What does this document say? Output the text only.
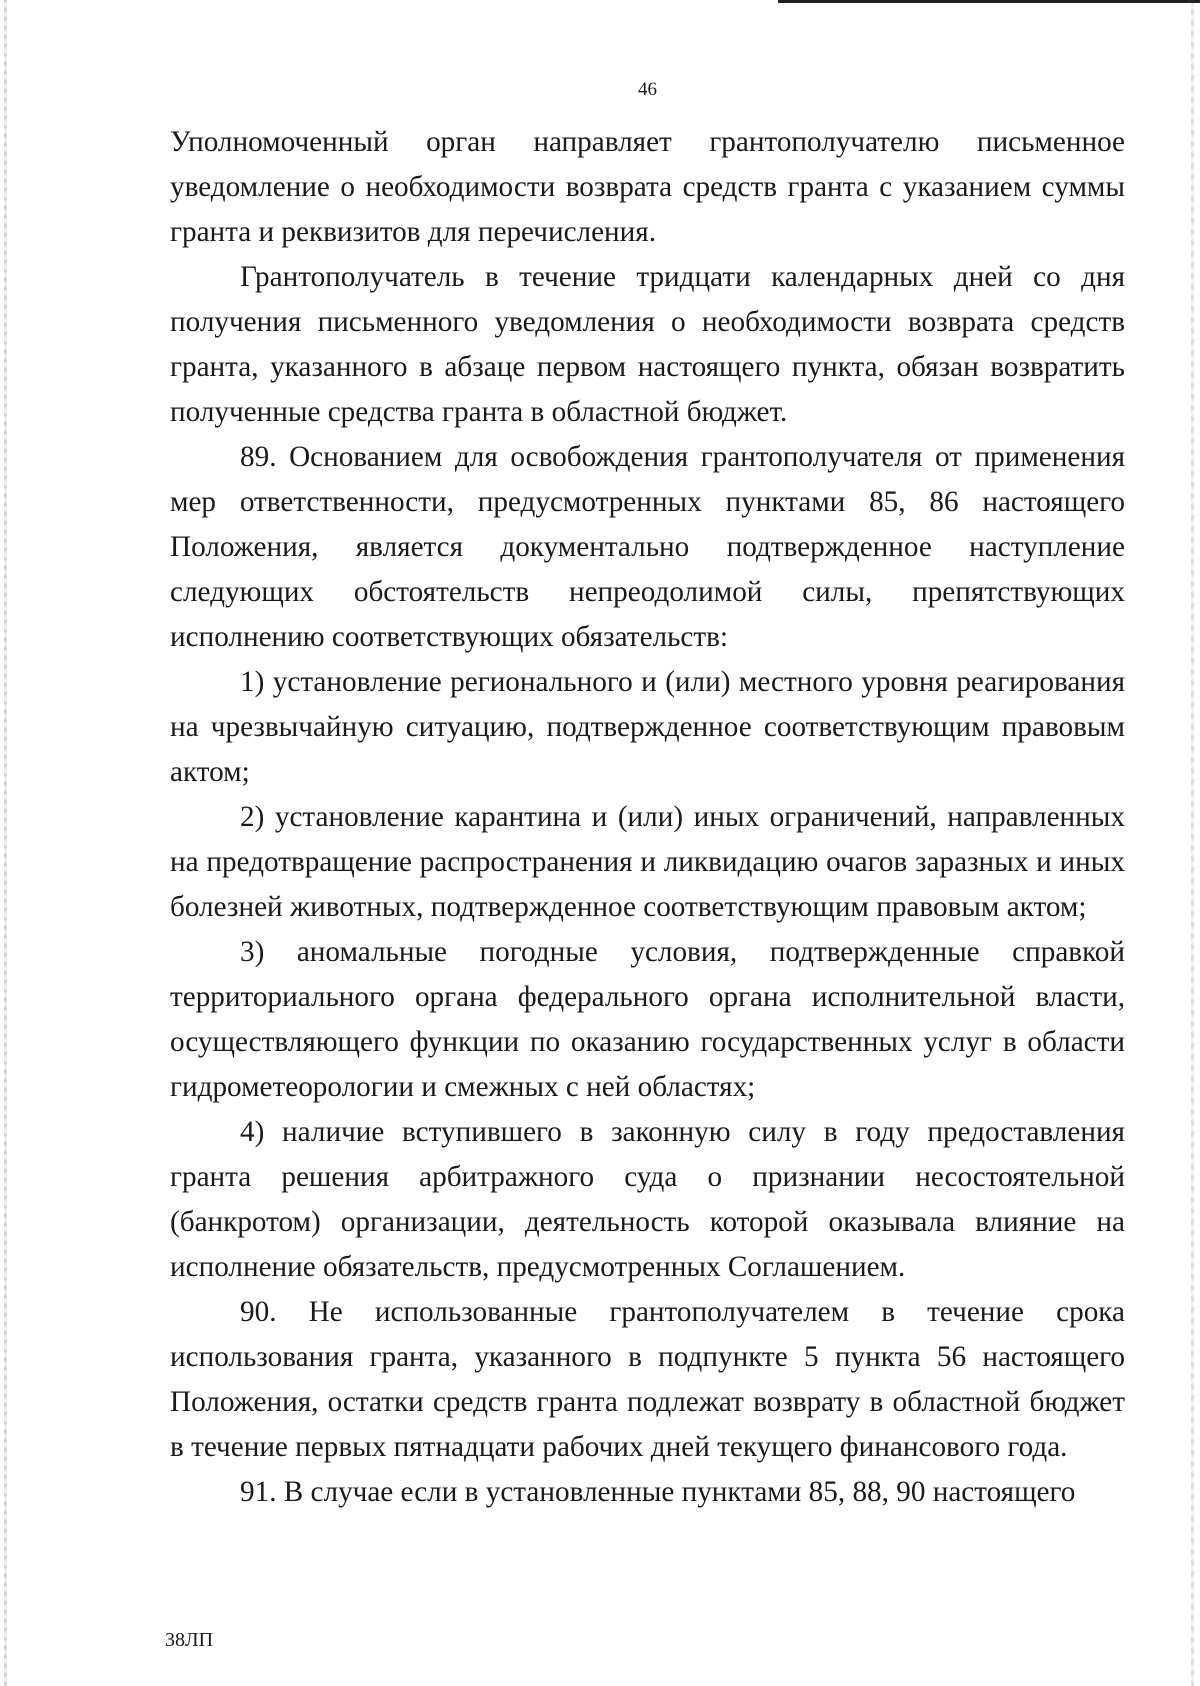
46

Уполномоченный орган направляет грантополучателю письменное уведомление о необходимости возврата средств гранта с указанием суммы гранта и реквизитов для перечисления.

Грантополучатель в течение тридцати календарных дней со дня получения письменного уведомления о необходимости возврата средств гранта, указанного в абзаце первом настоящего пункта, обязан возвратить полученные средства гранта в областной бюджет.

89. Основанием для освобождения грантополучателя от применения мер ответственности, предусмотренных пунктами 85, 86 настоящего Положения, является документально подтвержденное наступление следующих обстоятельств непреодолимой силы, препятствующих исполнению соответствующих обязательств:

1) установление регионального и (или) местного уровня реагирования на чрезвычайную ситуацию, подтвержденное соответствующим правовым актом;

2) установление карантина и (или) иных ограничений, направленных на предотвращение распространения и ликвидацию очагов заразных и иных болезней животных, подтвержденное соответствующим правовым актом;

3) аномальные погодные условия, подтвержденные справкой территориального органа федерального органа исполнительной власти, осуществляющего функции по оказанию государственных услуг в области гидрометеорологии и смежных с ней областях;

4) наличие вступившего в законную силу в году предоставления гранта решения арбитражного суда о признании несостоятельной (банкротом) организации, деятельность которой оказывала влияние на исполнение обязательств, предусмотренных Соглашением.

90. Не использованные грантополучателем в течение срока использования гранта, указанного в подпункте 5 пункта 56 настоящего Положения, остатки средств гранта подлежат возврату в областной бюджет в течение первых пятнадцати рабочих дней текущего финансового года.

91. В случае если в установленные пунктами 85, 88, 90 настоящего

38ЛП
